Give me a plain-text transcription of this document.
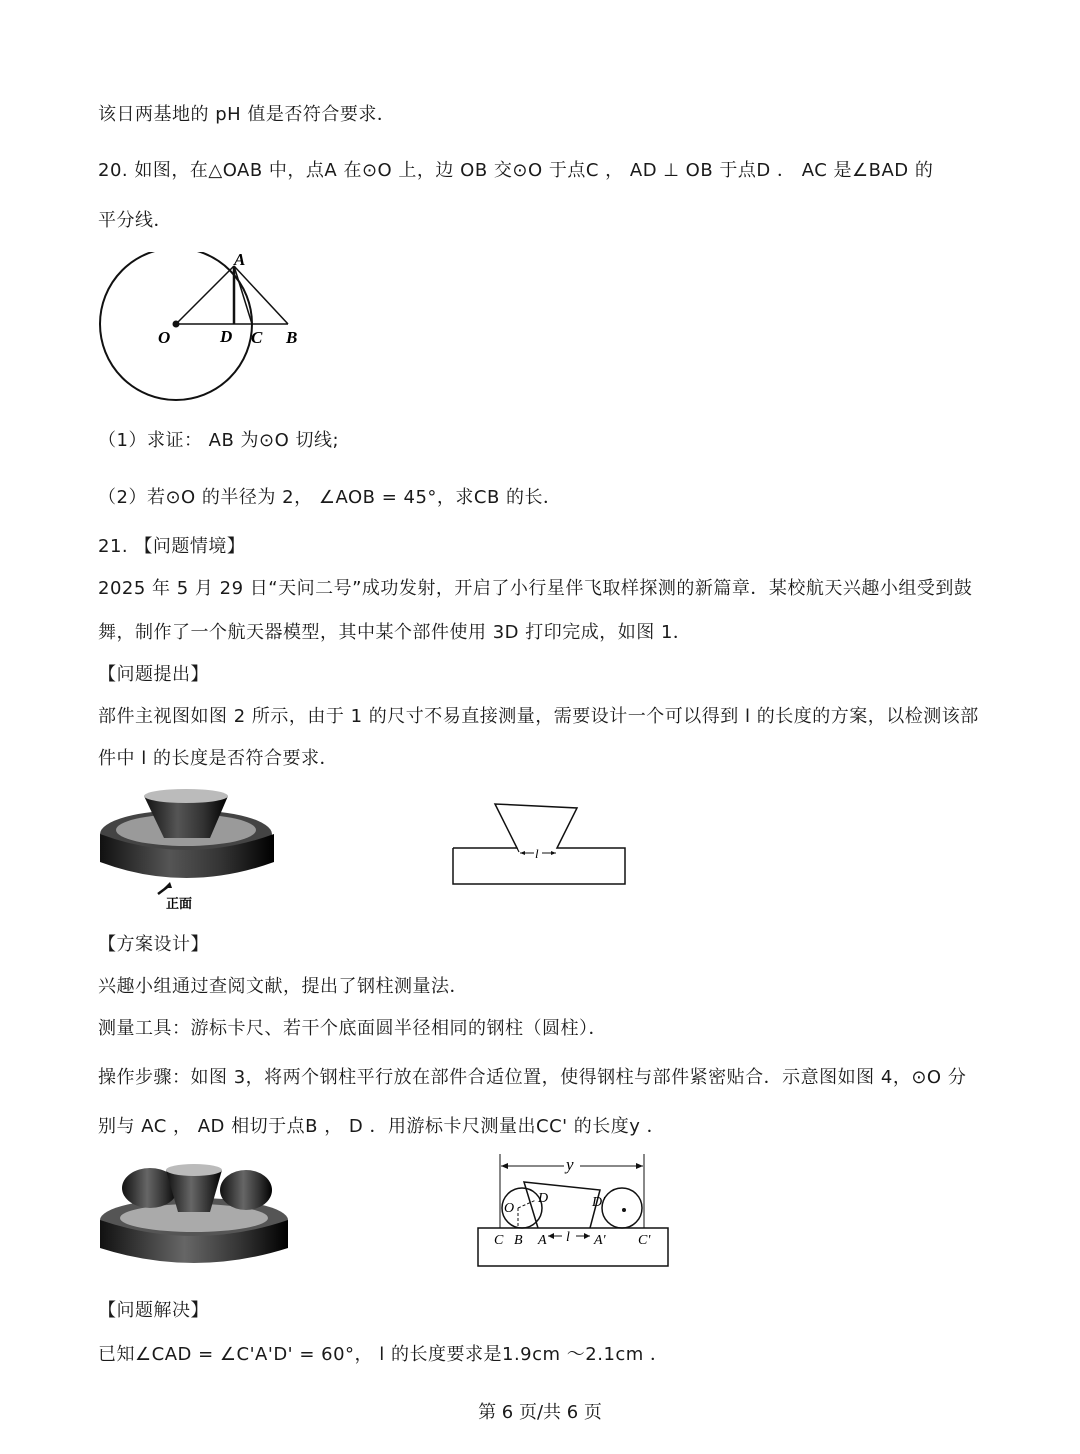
该日两基地的 pH 值是否符合要求．
20. 如图，在△OAB 中，点A 在⊙O 上，边 OB 交⊙O 于点C ， AD ⊥ OB 于点D ． AC 是∠BAD 的
平分线．
A
O	D C B
（1）求证： AB 为⊙O 切线;
（2）若⊙O 的半径为 2， ∠AOB = 45°，求CB 的长．
21. 【问题情境】
2025 年 5 月 29 日“天问二号”成功发射，开启了小行星伴飞取样探测的新篇章．某校航天兴趣小组受到鼓
舞，制作了一个航天器模型，其中某个部件使用 3D 打印完成，如图 1．
【问题提出】
部件主视图如图 2 所示，由于 1 的尺寸不易直接测量，需要设计一个可以得到 l 的长度的方案，以检测该部
件中 l 的长度是否符合要求．
正面
l
【方案设计】
兴趣小组通过查阅文献，提出了钢柱测量法．
测量工具：游标卡尺、若干个底面圆半径相同的钢柱（圆柱）．
操作步骤：如图 3，将两个钢柱平行放在部件合适位置，使得钢柱与部件紧密贴合．示意图如图 4，⊙O 分
别与 AC ， AD 相切于点B ， D ．用游标卡尺测量出CC' 的长度y ．
y
l
O
D	D'
C B A	A' C'
【问题解决】
已知∠CAD = ∠C'A'D' = 60°， l 的长度要求是1.9cm ～2.1cm ．
第 6 页/共 6 页
